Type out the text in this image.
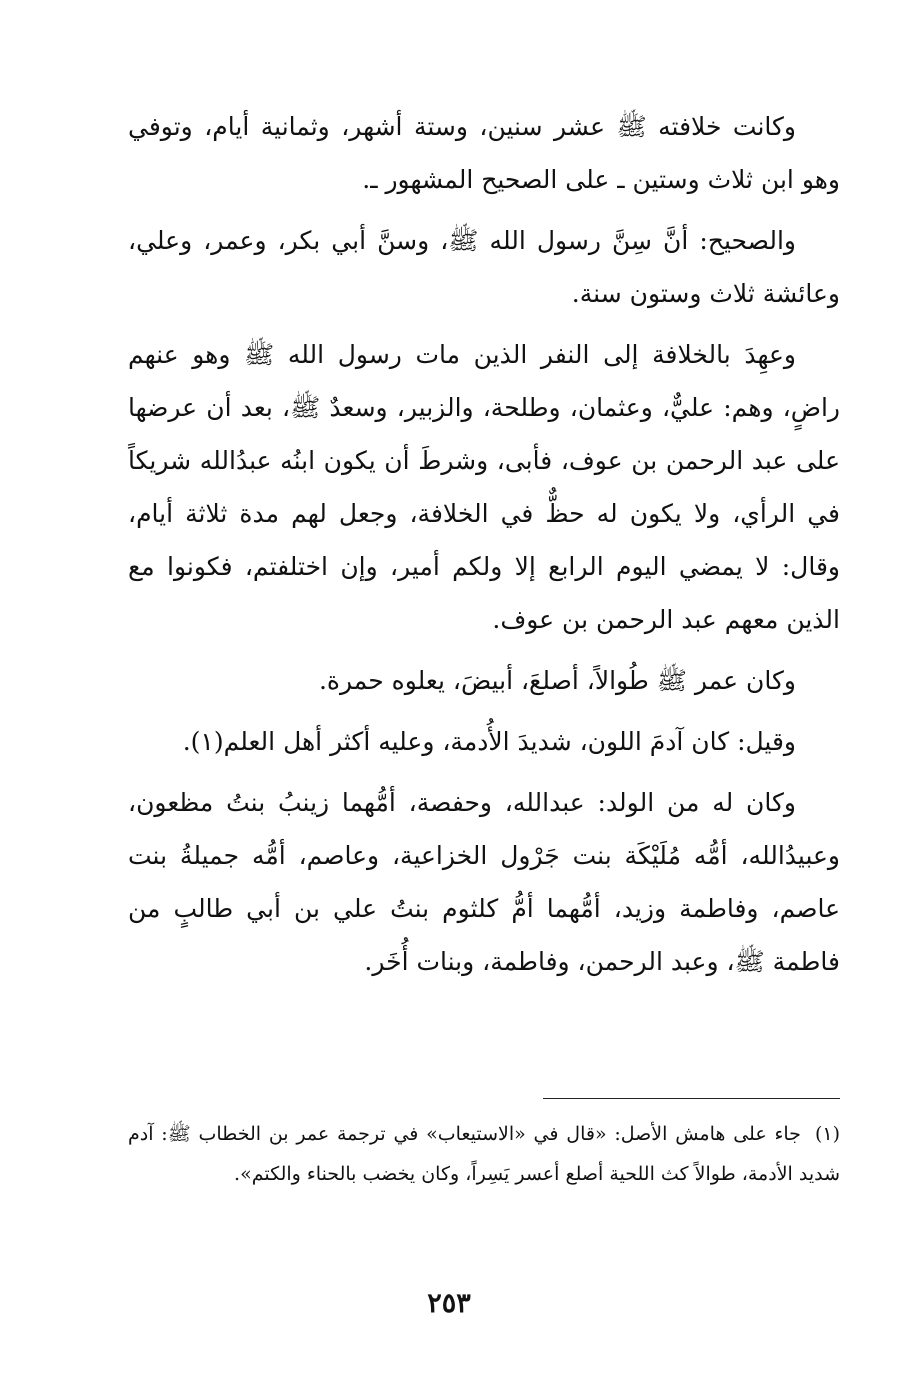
وكانت خلافته ﷺ عشر سنين، وستة أشهر، وثمانية أيام، وتوفي وهو ابن ثلاث وستين ـ على الصحيح المشهور ـ.

والصحيح: أنَّ سِنَّ رسول الله ﷺ، وسنَّ أبي بكر، وعمر، وعلي، وعائشة ثلاث وستون سنة.

وعهِدَ بالخلافة إلى النفر الذين مات رسول الله ﷺ وهو عنهم راضٍ، وهم: عليٌّ، وعثمان، وطلحة، والزبير، وسعدٌ ﷺ، بعد أن عرضها على عبد الرحمن بن عوف، فأبى، وشرطَ أن يكون ابنُه عبدُالله شريكاً في الرأي، ولا يكون له حظٌّ في الخلافة، وجعل لهم مدة ثلاثة أيام، وقال: لا يمضي اليوم الرابع إلا ولكم أمير، وإن اختلفتم، فكونوا مع الذين معهم عبد الرحمن بن عوف.

وكان عمر ﷺ طُوالاً، أصلعَ، أبيضَ، يعلوه حمرة.

وقيل: كان آدمَ اللون، شديدَ الأُدمة، وعليه أكثر أهل العلم(١).

وكان له من الولد: عبدالله، وحفصة، أمُّهما زينبُ بنتُ مظعون، وعبيدُالله، أمُّه مُلَيْكَة بنت جَرْول الخزاعية، وعاصم، أمُّه جميلةُ بنت عاصم، وفاطمة وزيد، أمُّهما أمُّ كلثوم بنتُ علي بن أبي طالبٍ من فاطمة ﷺ، وعبد الرحمن، وفاطمة، وبنات أُخَر.

(١)جاء على هامش الأصل: «قال في «الاستيعاب» في ترجمة عمر بن الخطاب ﷺ: آدم شديد الأدمة، طوالاً كث اللحية أصلع أعسر يَسِراً، وكان يخضب بالحناء والكتم».
٢٥٣
